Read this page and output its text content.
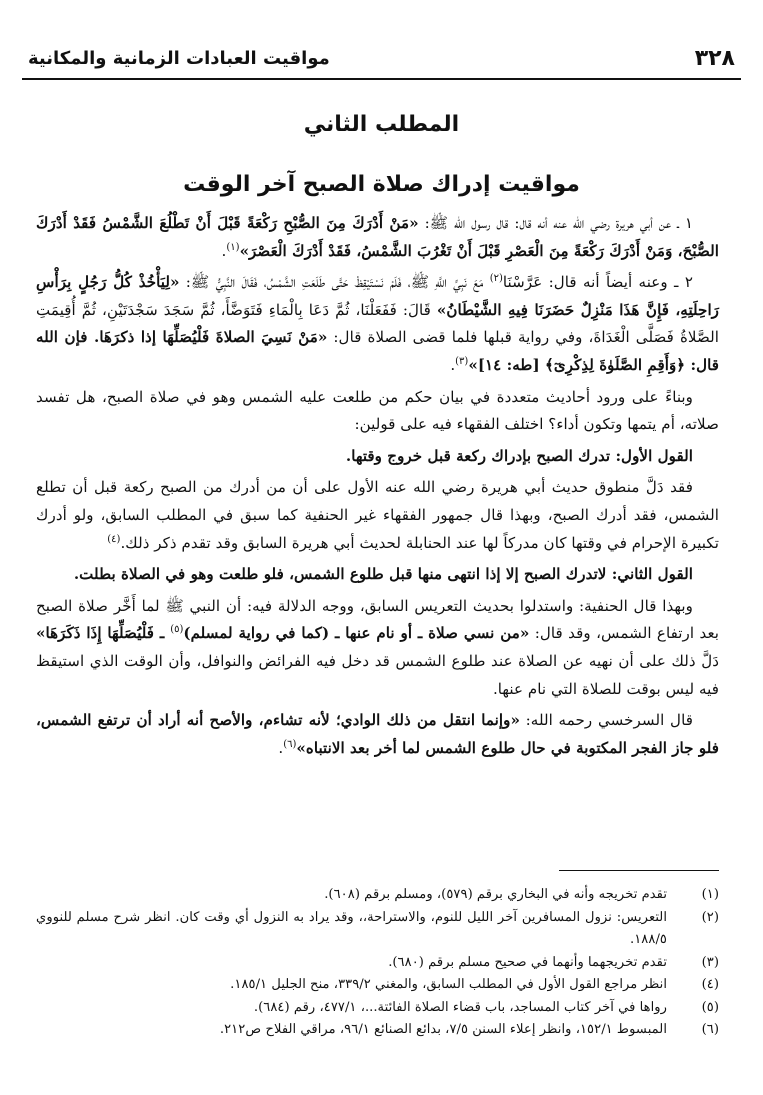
٣٢٨
مواقيت العبادات الزمانية والمكانية
المطلب الثاني
مواقيت إدراك صلاة الصبح آخر الوقت

١ ـ عن أبي هريرة رضي الله عنه أنه قال: قال رسول الله ﷺ: «مَنْ أَدْرَكَ مِنَ الصُّبْحِ رَكْعَةً قَبْلَ أَنْ تَطْلُعَ الشَّمْسُ فَقَدْ أَدْرَكَ الصُّبْحَ، وَمَنْ أَدْرَكَ رَكْعَةً مِنَ الْعَصْرِ قَبْلَ أَنْ تَغْرُبَ الشَّمْسُ، فَقَدْ أَدْرَكَ الْعَصْرَ»$^{(١)}$.

٢ ـ وعنه أيضاً أنه قال: عَرَّسْنَا$^{(٢)}$ مَعَ نَبِيِّ اللَّهِ ﷺ، فَلَمْ نَسْتَيْقِظْ حَتَّى طَلَعَتِ الشَّمْسُ، فَقَالَ النَّبِيُّ ﷺ: «لِيَأْخُذْ كُلُّ رَجُلٍ بِرَأْسِ رَاحِلَتِهِ، فَإِنَّ هَذَا مَنْزِلٌ حَضَرَنَا فِيهِ الشَّيْطَانُ» قَالَ: فَفَعَلْنَا، ثُمَّ دَعَا بِالْمَاءِ فَتَوَضَّأَ، ثُمَّ سَجَدَ سَجْدَتَيْنِ، ثُمَّ أُقِيمَتِ الصَّلاةُ فَصَلَّى الْغَدَاةَ، وفي رواية قبلها فلما قضى الصلاة قال: «مَنْ نَسِيَ الصلاةَ فَلْيُصَلِّهَا إذا ذكرَهَا. فإن الله قال: ﴿وَأَقِمِ الصَّلَوٰةَ لِذِكْرِىٓ﴾ [طه: ١٤]»$^{(٣)}$.

وبناءً على ورود أحاديث متعددة في بيان حكم من طلعت عليه الشمس وهو في صلاة الصبح، هل تفسد صلاته، أم يتمها وتكون أداء؟ اختلف الفقهاء فيه على قولين:

القول الأول: تدرك الصبح بإدراك ركعة قبل خروج وقتها.

فقد دَلَّ منطوق حديث أبي هريرة رضي الله عنه الأول على أن من أدرك من الصبح ركعة قبل أن تطلع الشمس، فقد أدرك الصبح، وبهذا قال جمهور الفقهاء غير الحنفية كما سبق في المطلب السابق، ولو أدرك تكبيرة الإحرام في وقتها كان مدركاً لها عند الحنابلة لحديث أبي هريرة السابق وقد تقدم ذكر ذلك.$^{(٤)}$

القول الثاني: لاتدرك الصبح إلا إذا انتهى منها قبل طلوع الشمس، فلو طلعت وهو في الصلاة بطلت.

وبهذا قال الحنفية: واستدلوا بحديث التعريس السابق، ووجه الدلالة فيه: أن النبي ﷺ لما أَخَّر صلاة الصبح بعد ارتفاع الشمس، وقد قال: «من نسي صلاة ـ أو نام عنها ـ (كما في رواية لمسلم)$^{(٥)}$ ـ فَلْيُصَلِّهَا إِذَا ذَكَرَهَا» دَلَّ ذلك على أن نهيه عن الصلاة عند طلوع الشمس قد دخل فيه الفرائض والنوافل، وأن الوقت الذي استيقظ فيه ليس بوقت للصلاة التي نام عنها.

قال السرخسي رحمه الله: «وإنما انتقل من ذلك الوادي؛ لأنه تشاءم، والأصح أنه أراد أن ترتفع الشمس، فلو جاز الفجر المكتوبة في حال طلوع الشمس لما أخر بعد الانتباه»$^{(٦)}$.

(١)
تقدم تخريجه وأنه في البخاري برقم (٥٧٩)، ومسلم برقم (٦٠٨).
(٢)
التعريس: نزول المسافرين آخر الليل للنوم، والاستراحة،، وقد يراد به النزول أي وقت كان. انظر شرح مسلم للنووي ١٨٨/٥.
(٣)
تقدم تخريجهما وأنهما في صحيح مسلم برقم (٦٨٠).
(٤)
انظر مراجع القول الأول في المطلب السابق، والمغني ٣٣٩/٢، منح الجليل ١٨٥/١.
(٥)
رواها في آخر كتاب المساجد، باب قضاء الصلاة الفائتة...، ٤٧٧/١، رقم (٦٨٤).
(٦)
المبسوط ١٥٢/١، وانظر إعلاء السنن ٧/٥، بدائع الصنائع ٩٦/١، مراقي الفلاح ص٢١٢.
